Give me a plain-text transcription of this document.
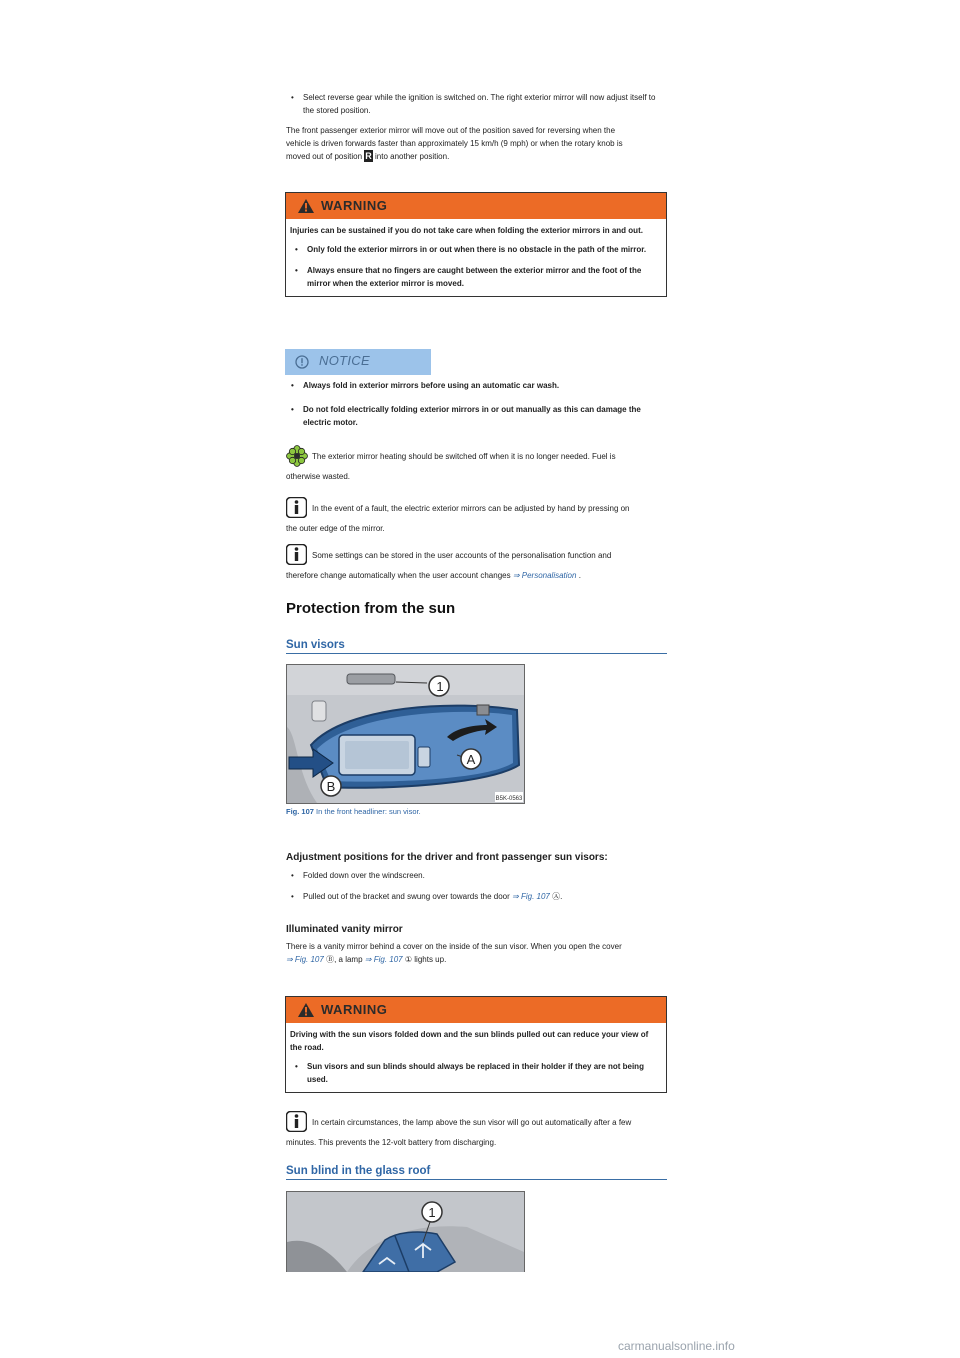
• Select reverse gear while the ignition is switched on. The right exterior mirror will now adjust itself to the stored position.
The front passenger exterior mirror will move out of the position saved for reversing when the
vehicle is driven forwards faster than approximately 15 km/h (9 mph) or when the rotary knob is
moved out of position R into another position.
WARNING

Injuries can be sustained if you do not take care when folding the exterior mirrors in and out.

• Only fold the exterior mirrors in or out when there is no obstacle in the path of the mirror.
• Always ensure that no fingers are caught between the exterior mirror and the foot of the mirror when the exterior mirror is moved.
NOTICE
• Always fold in exterior mirrors before using an automatic car wash.
• Do not fold electrically folding exterior mirrors in or out manually as this can damage the electric motor.
The exterior mirror heating should be switched off when it is no longer needed. Fuel is
otherwise wasted.
In the event of a fault, the electric exterior mirrors can be adjusted by hand by pressing on
the outer edge of the mirror.
Some settings can be stored in the user accounts of the personalisation function and
therefore change automatically when the user account changes ⇒ Personalisation .
Protection from the sun
Sun visors
1
A
B
B5K-0563
Fig. 107 In the front headliner: sun visor.
Adjustment positions for the driver and front passenger sun visors:
• Folded down over the windscreen.
• Pulled out of the bracket and swung over towards the door ⇒ Fig. 107 Ⓐ.
Illuminated vanity mirror
There is a vanity mirror behind a cover on the inside of the sun visor. When you open the cover
⇒ Fig. 107 Ⓑ, a lamp ⇒ Fig. 107 ① lights up.
WARNING

Driving with the sun visors folded down and the sun blinds pulled out can reduce your view of the road.

• Sun visors and sun blinds should always be replaced in their holder if they are not being used.
In certain circumstances, the lamp above the sun visor will go out automatically after a few
minutes. This prevents the 12-volt battery from discharging.
Sun blind in the glass roof
1
carmanualsonline.info
